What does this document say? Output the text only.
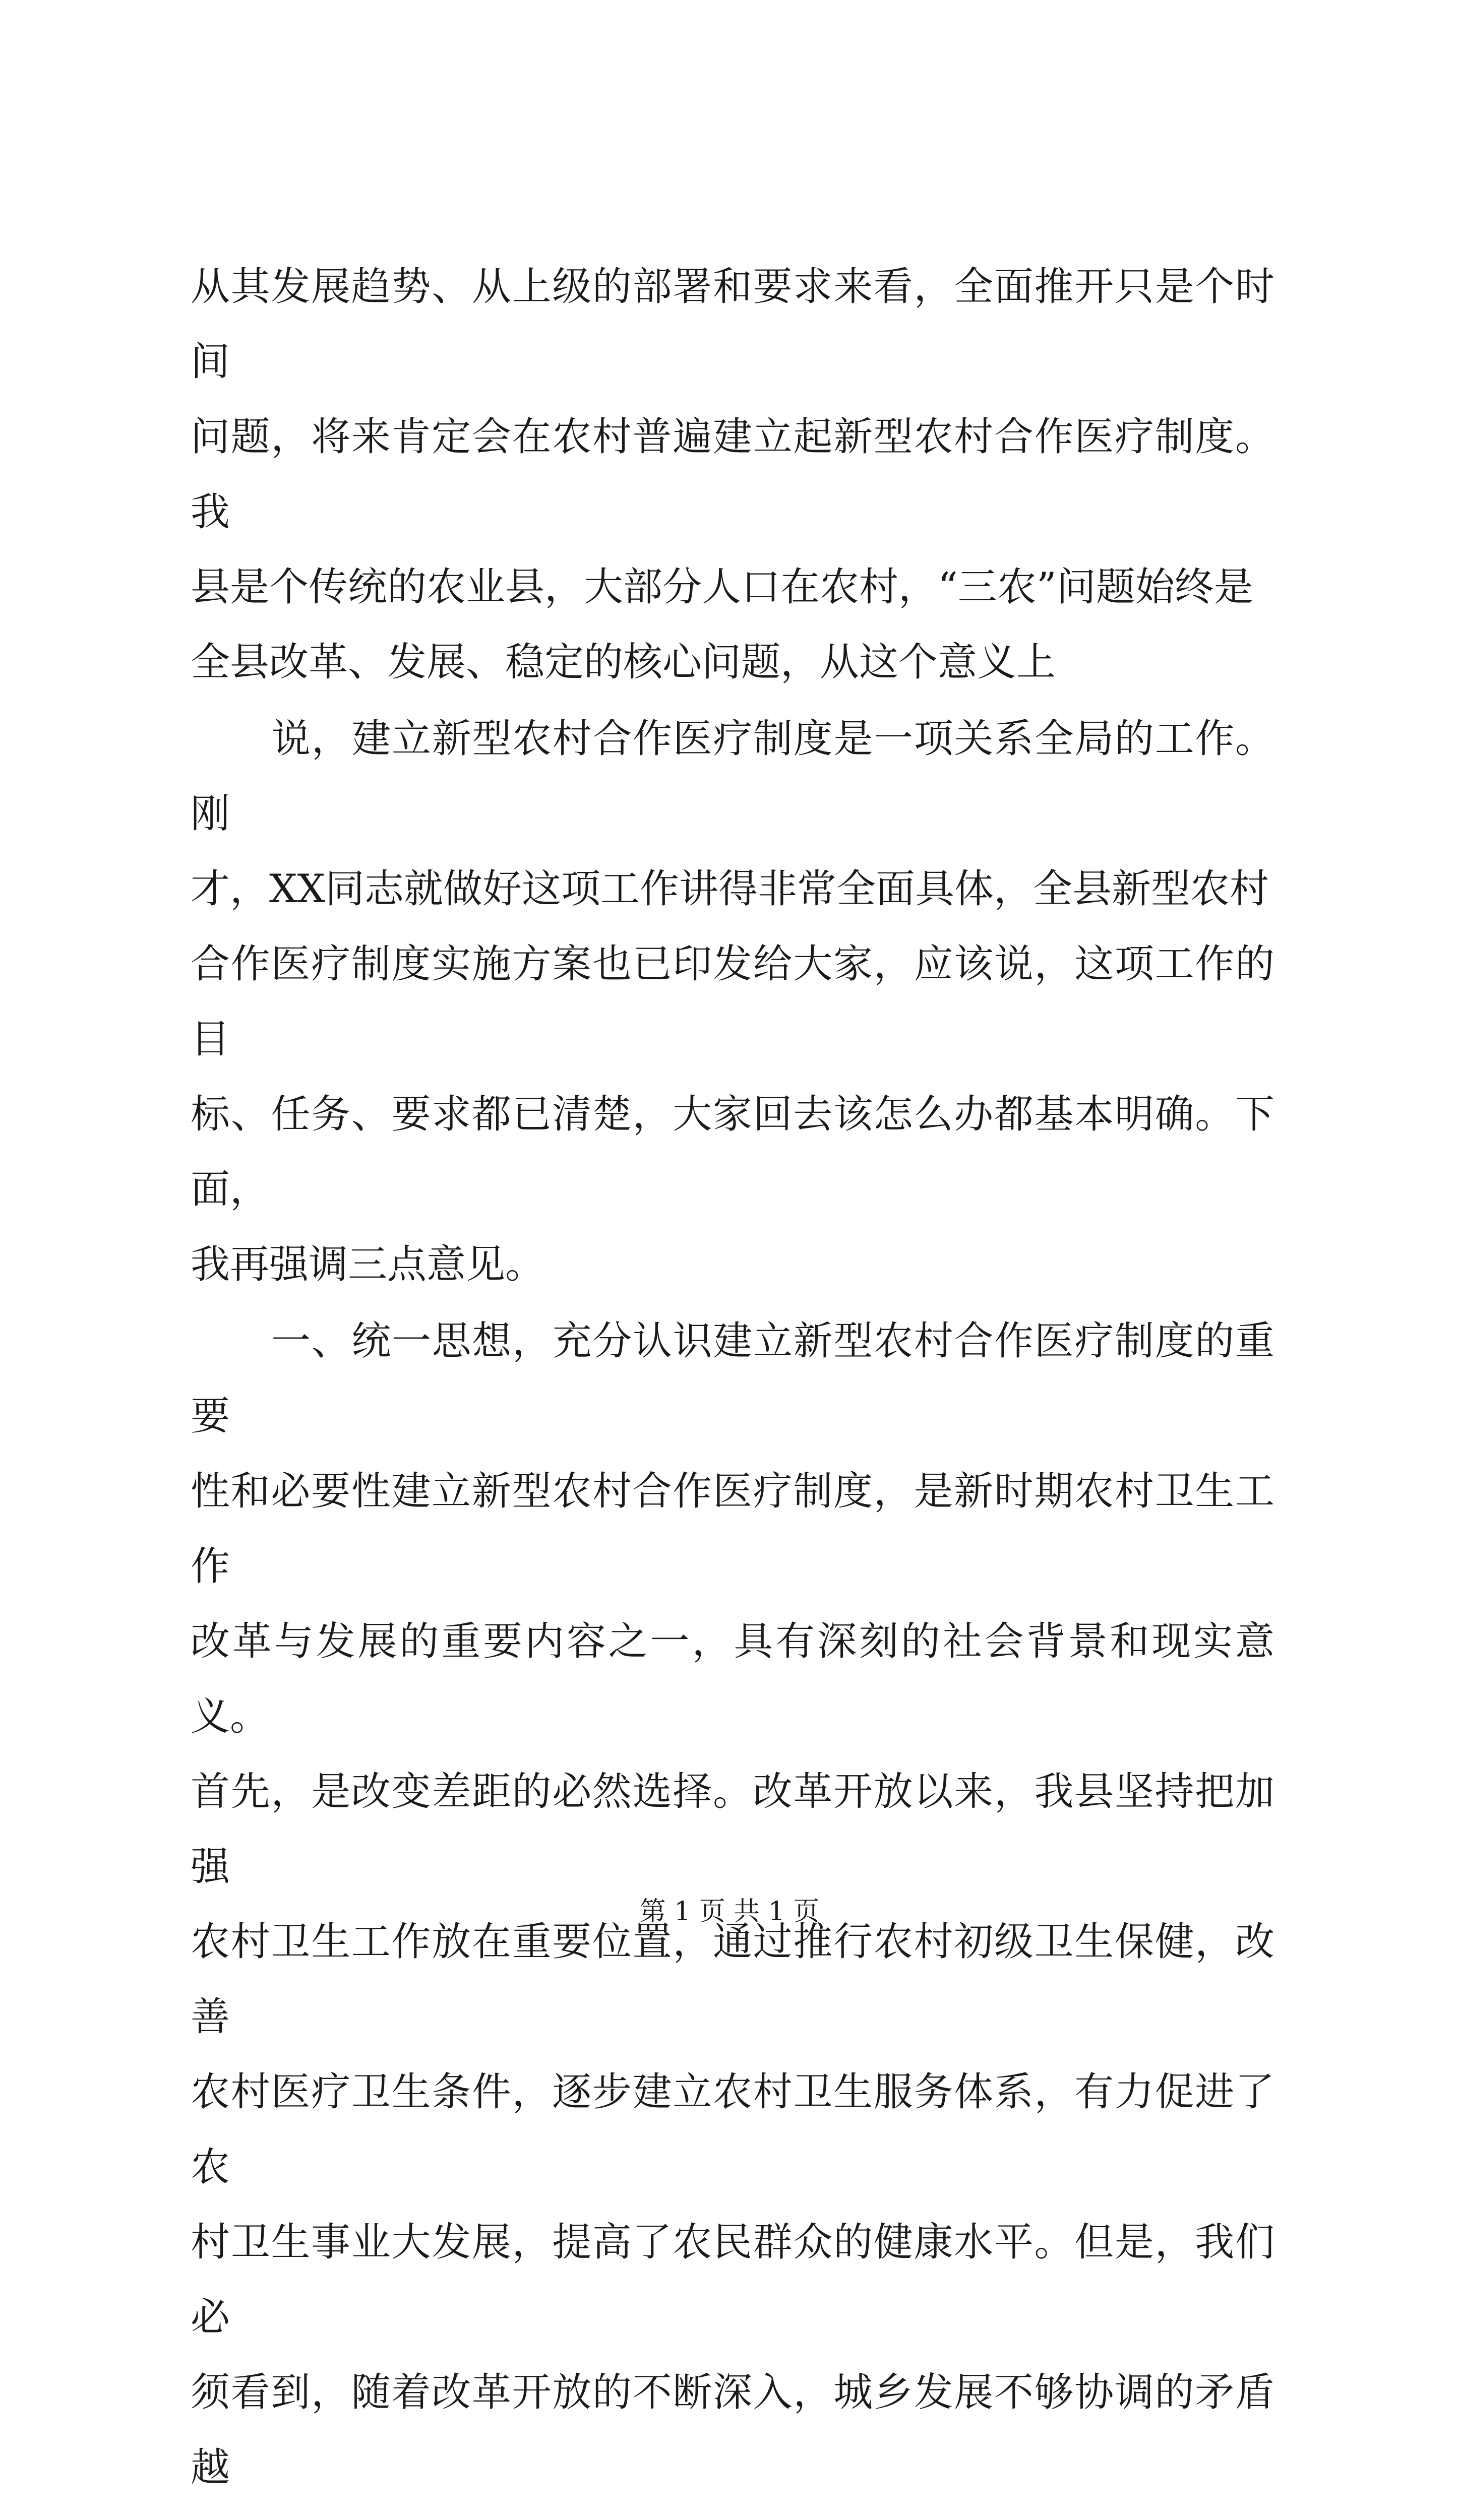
从其发展趋势、从上级的部署和要求来看，全面推开只是个时间
问题，将来肯定会在农村普遍建立起新型农村合作医疗制度。我
县是个传统的农业县，大部分人口在农村，“三农”问题始终是
全县改革、发展、稳定的核心问题，从这个意义上
说，建立新型农村合作医疗制度是一项关系全局的工作。刚
才，XX同志就做好这项工作讲得非常全面具体，全县新型农村
合作医疗制度实施方案也已印发给大家，应该说，这项工作的目
标、任务、要求都已清楚，大家回去该怎么办都基本明确。下面，
我再强调三点意见。
一、统一思想，充分认识建立新型农村合作医疗制度的重要
性和必要性建立新型农村合作医疗制度，是新时期农村卫生工作
改革与发展的重要内容之一，具有深刻的社会背景和现实意义。
首先，是改变差距的必然选择。改革开放以来，我县坚持把加强
农村卫生工作放在重要位置，通过推行农村初级卫生保健，改善
农村医疗卫生条件，逐步建立农村卫生服务体系，有力促进了农
村卫生事业大发展，提高了农民群众的健康水平。但是，我们必
须看到，随着改革开放的不断深入，城乡发展不够协调的矛盾越
第 1 页 共 1 页
